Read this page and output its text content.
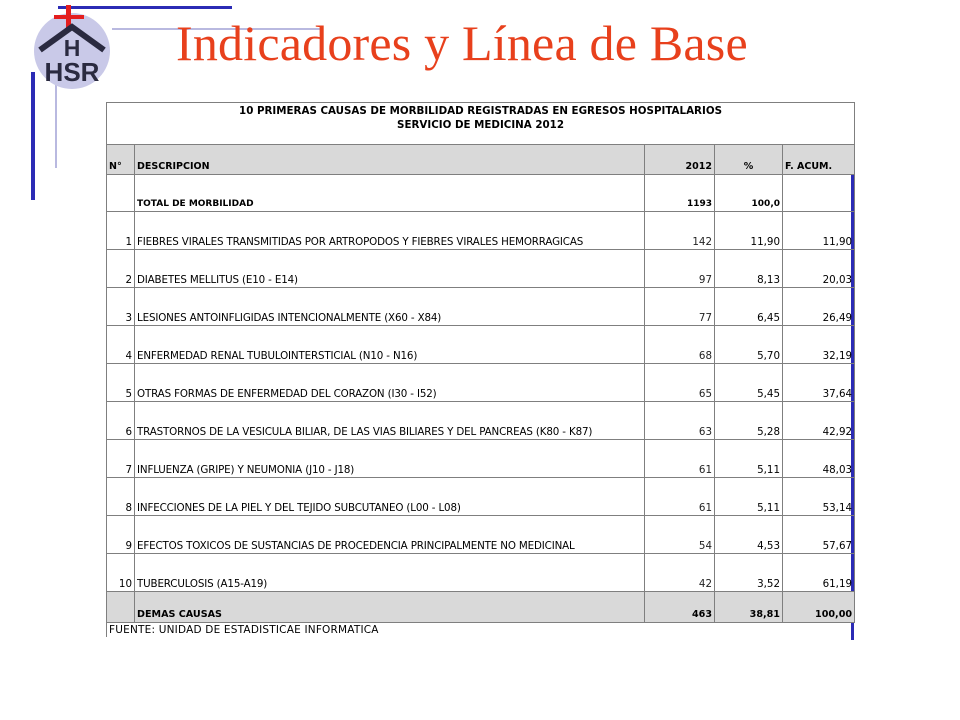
H
HSR
Indicadores y Línea de Base
10 PRIMERAS CAUSAS DE MORBILIDAD REGISTRADAS EN EGRESOS HOSPITALARIOS
SERVICIO DE MEDICINA 2012				

N°	DESCRIPCION	2012	%	F. ACUM.
	TOTAL DE MORBILIDAD	1193	100,0	
1	FIEBRES VIRALES TRANSMITIDAS POR ARTROPODOS Y FIEBRES VIRALES HEMORRAGICAS	142	11,90	11,90
2	DIABETES MELLITUS (E10 - E14)	97	8,13	20,03
3	LESIONES ANTOINFLIGIDAS INTENCIONALMENTE (X60 - X84)	77	6,45	26,49
4	ENFERMEDAD RENAL TUBULOINTERSTICIAL (N10 - N16)	68	5,70	32,19
5	OTRAS FORMAS DE ENFERMEDAD DEL CORAZON (I30 - I52)	65	5,45	37,64
6	TRASTORNOS DE LA VESICULA BILIAR, DE LAS VIAS BILIARES Y DEL PANCREAS (K80 - K87)	63	5,28	42,92
7	INFLUENZA (GRIPE) Y NEUMONIA (J10 - J18)	61	5,11	48,03
8	INFECCIONES DE LA PIEL Y DEL TEJIDO SUBCUTANEO (L00 - L08)	61	5,11	53,14
9	EFECTOS TOXICOS DE SUSTANCIAS DE PROCEDENCIA PRINCIPALMENTE NO MEDICINAL	54	4,53	57,67
10	TUBERCULOSIS (A15-A19)	42	3,52	61,19
	DEMAS CAUSAS	463	38,81	100,00
FUENTE: UNIDAD DE ESTADISTICAE INFORMATICA
